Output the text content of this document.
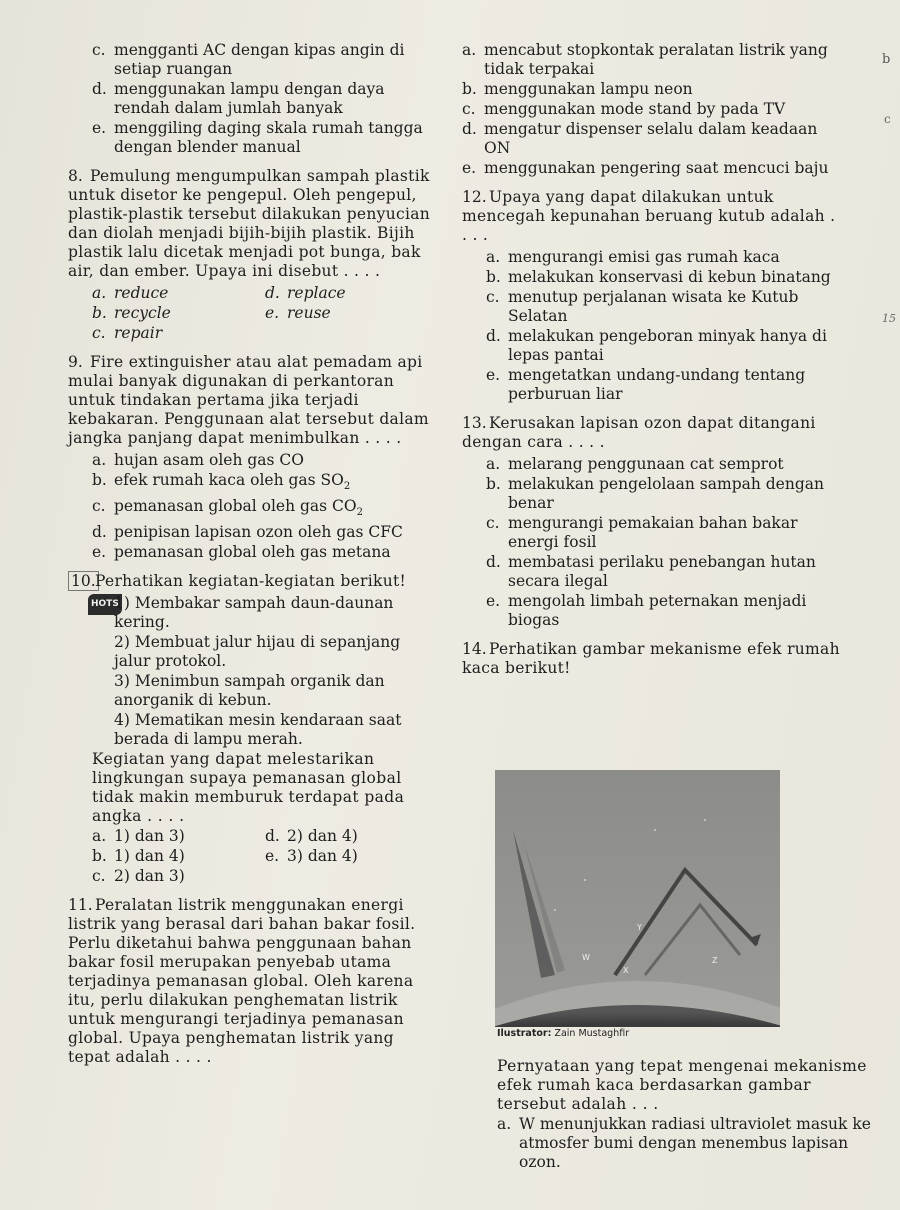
b
c
15
c. mengganti AC dengan kipas angin di setiap ruangan
d. menggunakan lampu dengan daya rendah dalam jumlah banyak
e. menggiling daging skala rumah tangga dengan blender manual
8. Pemulung mengumpulkan sampah plastik untuk disetor ke pengepul. Oleh pengepul, plastik-plastik tersebut dilakukan penyucian dan diolah menjadi bijih-bijih plastik. Bijih plastik lalu dicetak menjadi pot bunga, bak air, dan ember. Upaya ini disebut . . . .
a. reduce	d. replace
b. recycle	e. reuse
c. repair
9. Fire extinguisher atau alat pemadam api mulai banyak digunakan di perkantoran untuk tindakan pertama jika terjadi kebakaran. Penggunaan alat tersebut dalam jangka panjang dapat menimbulkan . . . .
a. hujan asam oleh gas CO
b. efek rumah kaca oleh gas $SO_2$
c. pemanasan global oleh gas $CO_2$
d. penipisan lapisan ozon oleh gas CFC
e. pemanasan global oleh gas metana
10. Perhatikan kegiatan-kegiatan berikut!
HOTS
1) Membakar sampah daun-daunan kering.
2) Membuat jalur hijau di sepanjang jalur protokol.
3) Menimbun sampah organik dan anorganik di kebun.
4) Mematikan mesin kendaraan saat berada di lampu merah.
Kegiatan yang dapat melestarikan lingkungan supaya pemanasan global tidak makin memburuk terdapat pada angka . . . .
a. 1) dan 3)	d. 2) dan 4)
b. 1) dan 4)	e. 3) dan 4)
c. 2) dan 3)
11. Peralatan listrik menggunakan energi listrik yang berasal dari bahan bakar fosil. Perlu diketahui bahwa penggunaan bahan bakar fosil merupakan penyebab utama terjadinya pemanasan global. Oleh karena itu, perlu dilakukan penghematan listrik untuk mengurangi terjadinya pemanasan global. Upaya penghematan listrik yang tepat adalah . . . .
a. mencabut stopkontak peralatan listrik yang tidak terpakai
b. menggunakan lampu neon
c. menggunakan mode stand by pada TV
d. mengatur dispenser selalu dalam keadaan ON
e. menggunakan pengering saat mencuci baju
12. Upaya yang dapat dilakukan untuk mencegah kepunahan beruang kutub adalah . . . .
a. mengurangi emisi gas rumah kaca
b. melakukan konservasi di kebun binatang
c. menutup perjalanan wisata ke Kutub Selatan
d. melakukan pengeboran minyak hanya di lepas pantai
e. mengetatkan undang-undang tentang perburuan liar
13. Kerusakan lapisan ozon dapat ditangani dengan cara . . . .
a. melarang penggunaan cat semprot
b. melakukan pengelolaan sampah dengan benar
c. mengurangi pemakaian bahan bakar energi fosil
d. membatasi perilaku penebangan hutan secara ilegal
e. mengolah limbah peternakan menjadi biogas
14. Perhatikan gambar mekanisme efek rumah kaca berikut!
W
X
Y
Z
Ilustrator: Zain Mustaghfir
Pernyataan yang tepat mengenai mekanisme efek rumah kaca berdasarkan gambar tersebut adalah . . .
a. W menunjukkan radiasi ultraviolet masuk ke atmosfer bumi dengan menembus lapisan ozon.
